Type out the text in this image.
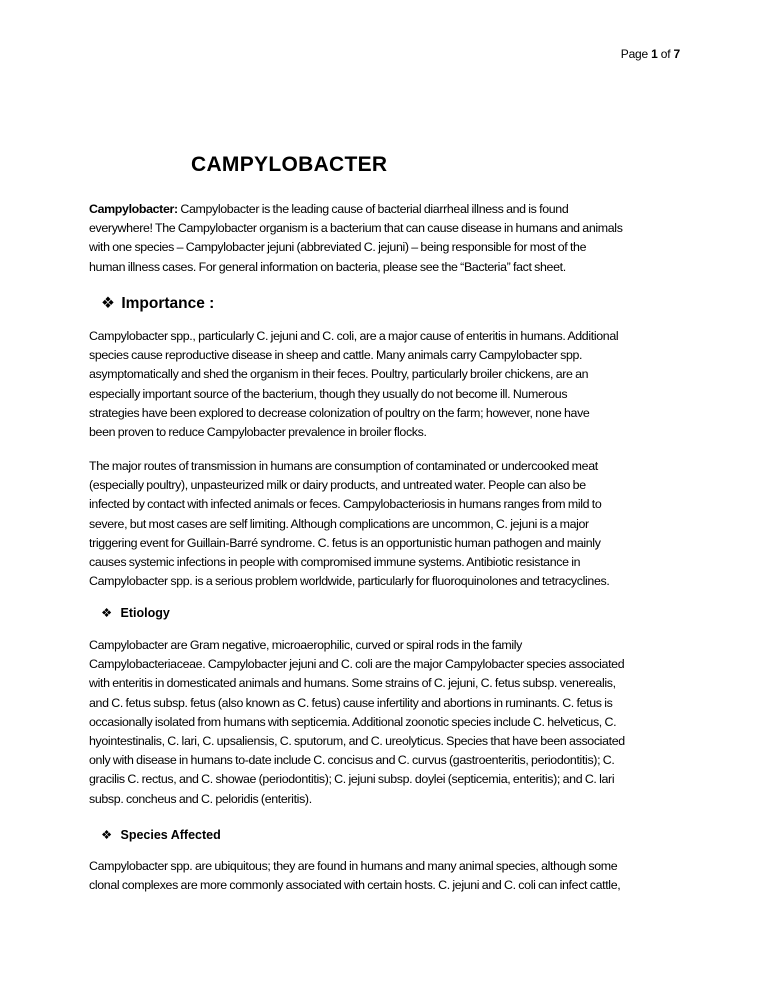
Page 1 of 7
CAMPYLOBACTER

Campylobacter: Campylobacter is the leading cause of bacterial diarrheal illness and is found

everywhere! The Campylobacter organism is a bacterium that can cause disease in humans and animals

with one species – Campylobacter jejuni (abbreviated C. jejuni) – being responsible for most of the

human illness cases. For general information on bacteria, please see the “Bacteria” fact sheet.

❖ Importance :

Campylobacter spp., particularly C. jejuni and C. coli, are a major cause of enteritis in humans. Additional

species cause reproductive disease in sheep and cattle. Many animals carry Campylobacter spp.

asymptomatically and shed the organism in their feces. Poultry, particularly broiler chickens, are an

especially important source of the bacterium, though they usually do not become ill. Numerous

strategies have been explored to decrease colonization of poultry on the farm; however, none have

been proven to reduce Campylobacter prevalence in broiler flocks.

The major routes of transmission in humans are consumption of contaminated or undercooked meat

(especially poultry), unpasteurized milk or dairy products, and untreated water. People can also be

infected by contact with infected animals or feces. Campylobacteriosis in humans ranges from mild to

severe, but most cases are self limiting. Although complications are uncommon, C. jejuni is a major

triggering event for Guillain-Barré syndrome. C. fetus is an opportunistic human pathogen and mainly

causes systemic infections in people with compromised immune systems. Antibiotic resistance in

Campylobacter spp. is a serious problem worldwide, particularly for fluoroquinolones and tetracyclines.

❖ Etiology

Campylobacter are Gram negative, microaerophilic, curved or spiral rods in the family

Campylobacteriaceae. Campylobacter jejuni and C. coli are the major Campylobacter species associated

with enteritis in domesticated animals and humans. Some strains of C. jejuni, C. fetus subsp. venerealis,

and C. fetus subsp. fetus (also known as C. fetus) cause infertility and abortions in ruminants. C. fetus is

occasionally isolated from humans with septicemia. Additional zoonotic species include C. helveticus, C.

hyointestinalis, C. lari, C. upsaliensis, C. sputorum, and C. ureolyticus. Species that have been associated

only with disease in humans to-date include C. concisus and C. curvus (gastroenteritis, periodontitis); C.

gracilis C. rectus, and C. showae (periodontitis); C. jejuni subsp. doylei (septicemia, enteritis); and C. lari

subsp. concheus and C. peloridis (enteritis).

❖ Species Affected

Campylobacter spp. are ubiquitous; they are found in humans and many animal species, although some

clonal complexes are more commonly associated with certain hosts. C. jejuni and C. coli can infect cattle,
